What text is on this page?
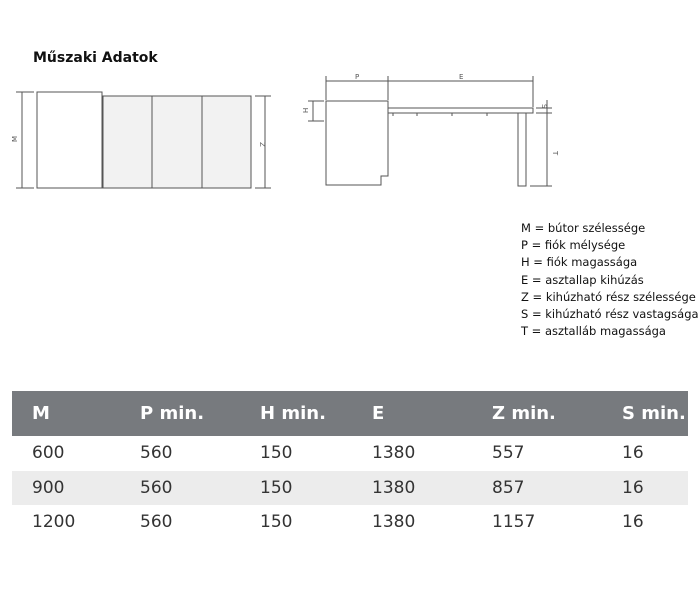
Műszaki Adatok
M
Z
P	E
H
S
T
M = bútor szélessége
P = fiók mélysége
H = fiók magassága
E = asztallap kihúzás
Z = kihúzható rész szélessége
S = kihúzható rész vastagsága
T = asztalláb magassága
M	P min.	H min.	E	Z min.	S min.
600	560	150	1380	557	16
900	560	150	1380	857	16
1200	560	150	1380	1157	16
